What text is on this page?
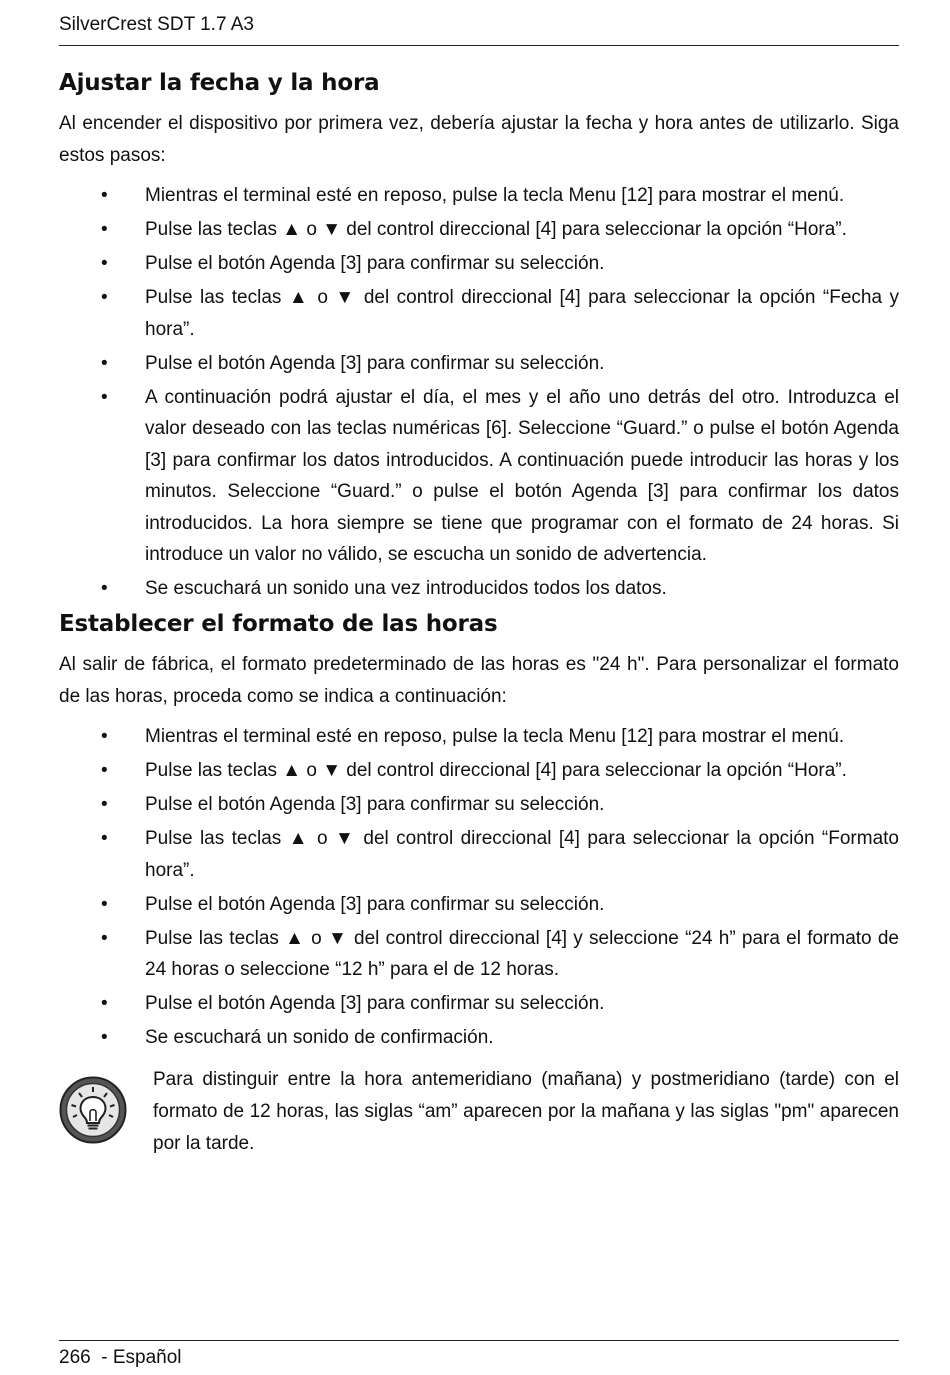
SilverCrest SDT 1.7 A3
Ajustar la fecha y la hora

Al encender el dispositivo por primera vez, debería ajustar la fecha y hora antes de utilizarlo. Siga estos pasos:

• Mientras el terminal esté en reposo, pulse la tecla Menu [12] para mostrar el menú.
• Pulse las teclas ▲ o ▼ del control direccional [4] para seleccionar la opción “Hora”.
• Pulse el botón Agenda [3] para confirmar su selección.
• Pulse las teclas ▲ o ▼ del control direccional [4] para seleccionar la opción “Fecha y hora”.
• Pulse el botón Agenda [3] para confirmar su selección.
• A continuación podrá ajustar el día, el mes y el año uno detrás del otro. Introduzca el valor deseado con las teclas numéricas [6]. Seleccione “Guard.” o pulse el botón Agenda [3] para confirmar los datos introducidos. A continuación puede introducir las horas y los minutos. Seleccione “Guard.” o pulse el botón Agenda [3] para confirmar los datos introducidos. La hora siempre se tiene que programar con el formato de 24 horas. Si introduce un valor no válido, se escucha un sonido de advertencia.
• Se escuchará un sonido una vez introducidos todos los datos.
Establecer el formato de las horas

Al salir de fábrica, el formato predeterminado de las horas es "24 h". Para personalizar el formato de las horas, proceda como se indica a continuación:

• Mientras el terminal esté en reposo, pulse la tecla Menu [12] para mostrar el menú.
• Pulse las teclas ▲ o ▼ del control direccional [4] para seleccionar la opción “Hora”.
• Pulse el botón Agenda [3] para confirmar su selección.
• Pulse las teclas ▲ o ▼ del control direccional [4] para seleccionar la opción “Formato hora”.
• Pulse el botón Agenda [3] para confirmar su selección.
• Pulse las teclas ▲ o ▼ del control direccional [4] y seleccione “24 h” para el formato de 24 horas o seleccione “12 h” para el de 12 horas.
• Pulse el botón Agenda [3] para confirmar su selección.
• Se escuchará un sonido de confirmación.
Para distinguir entre la hora antemeridiano (mañana) y postmeridiano (tarde) con el formato de 12 horas, las siglas “am” aparecen por la mañana y las siglas "pm" aparecen por la tarde.
266 - Español
